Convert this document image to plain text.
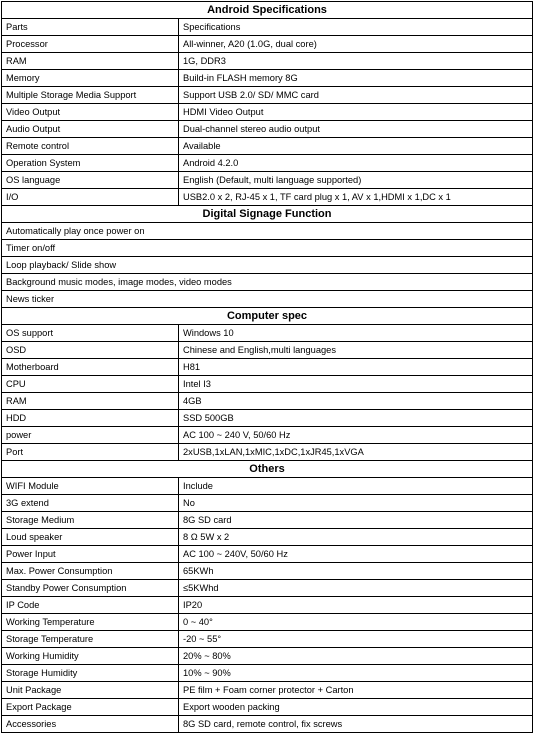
Android Specifications	
Parts	Specifications
Processor	All-winner, A20 (1.0G, dual core)
RAM	1G, DDR3
Memory	Build-in FLASH memory 8G
Multiple Storage Media Support	Support USB 2.0/ SD/ MMC card
Video Output	HDMI Video Output
Audio Output	Dual-channel stereo audio output
Remote control	Available
Operation System	Android 4.2.0
OS language	English (Default, multi language supported)
I/O	USB2.0 x 2, RJ-45 x 1, TF card plug x 1, AV x 1,HDMI x 1,DC x 1
Digital Signage Function	
Automatically play once power on	
Timer on/off	
Loop playback/ Slide show	
Background music modes, image modes, video modes	
News ticker	
Computer spec	
OS support	Windows 10
OSD	Chinese and English,multi languages
Motherboard	H81
CPU	Intel I3
RAM	4GB
HDD	SSD 500GB
power	AC 100 ~ 240 V, 50/60 Hz
Port	2xUSB,1xLAN,1xMIC,1xDC,1xJR45,1xVGA
Others	
WIFI Module	Include
3G extend	No
Storage Medium	8G SD card
Loud speaker	8 Ω 5W x 2
Power Input	AC 100 ~ 240V, 50/60 Hz
Max. Power Consumption	65KWh
Standby Power Consumption	≤5KWhd
IP Code	IP20
Working Temperature	0 ~ 40°
Storage Temperature	-20 ~ 55°
Working Humidity	20% ~ 80%
Storage Humidity	10% ~ 90%
Unit Package	PE film + Foam corner protector + Carton
Export Package	Export wooden packing
Accessories	8G SD card, remote control, fix screws
